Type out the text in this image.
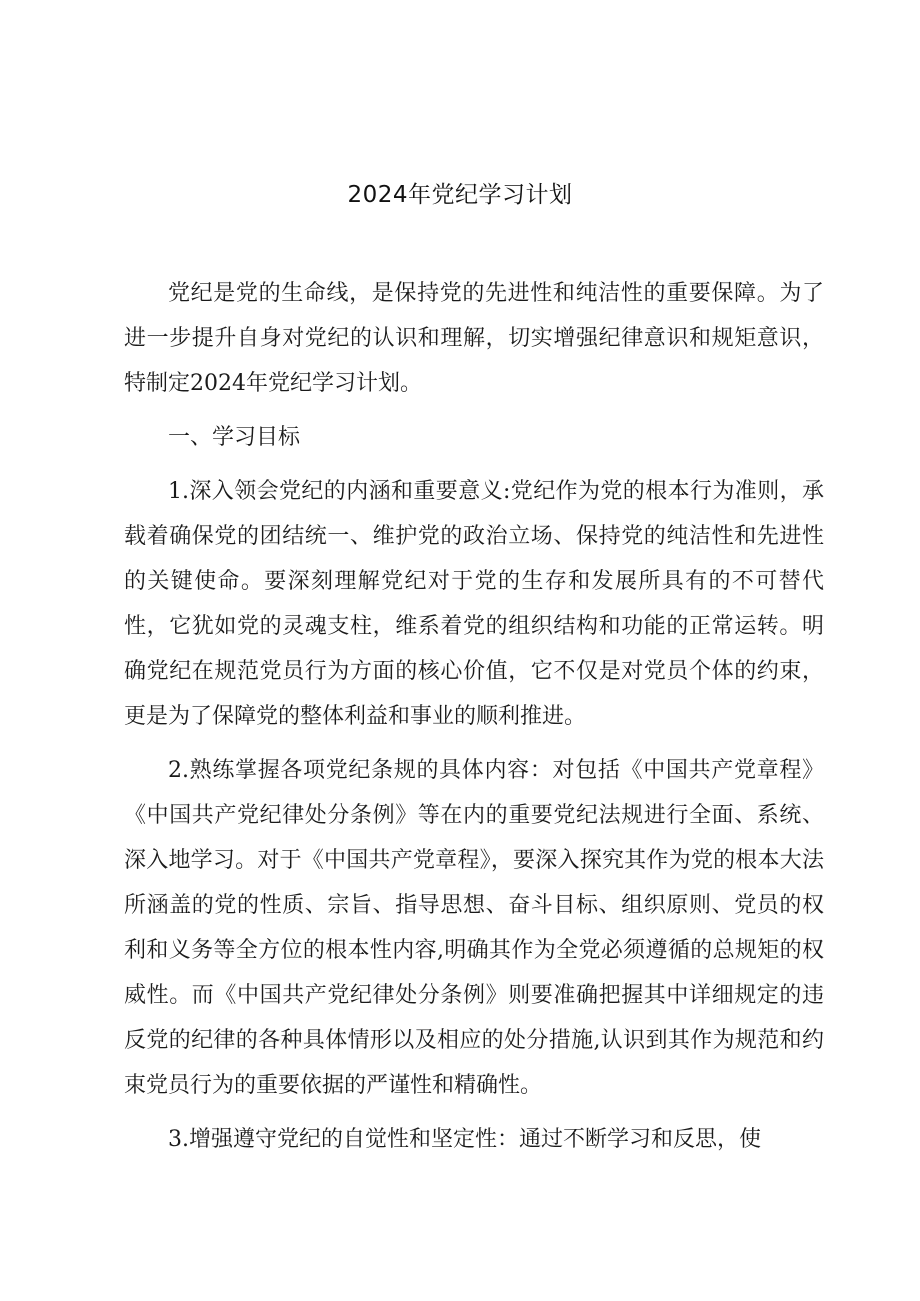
2024年党纪学习计划

党纪是党的生命线，是保持党的先进性和纯洁性的重要保障。为了进一步提升自身对党纪的认识和理解，切实增强纪律意识和规矩意识，特制定2024年党纪学习计划。

一、学习目标

1.深入领会党纪的内涵和重要意义:党纪作为党的根本行为准则，承载着确保党的团结统一、维护党的政治立场、保持党的纯洁性和先进性的关键使命。要深刻理解党纪对于党的生存和发展所具有的不可替代性，它犹如党的灵魂支柱，维系着党的组织结构和功能的正常运转。明确党纪在规范党员行为方面的核心价值，它不仅是对党员个体的约束，更是为了保障党的整体利益和事业的顺利推进。

2.熟练掌握各项党纪条规的具体内容：对包括《中国共产党章程》《中国共产党纪律处分条例》等在内的重要党纪法规进行全面、系统、深入地学习。对于《中国共产党章程》，要深入探究其作为党的根本大法所涵盖的党的性质、宗旨、指导思想、奋斗目标、组织原则、党员的权利和义务等全方位的根本性内容,明确其作为全党必须遵循的总规矩的权威性。而《中国共产党纪律处分条例》则要准确把握其中详细规定的违反党的纪律的各种具体情形以及相应的处分措施,认识到其作为规范和约束党员行为的重要依据的严谨性和精确性。

3.增强遵守党纪的自觉性和坚定性：通过不断学习和反思，使
